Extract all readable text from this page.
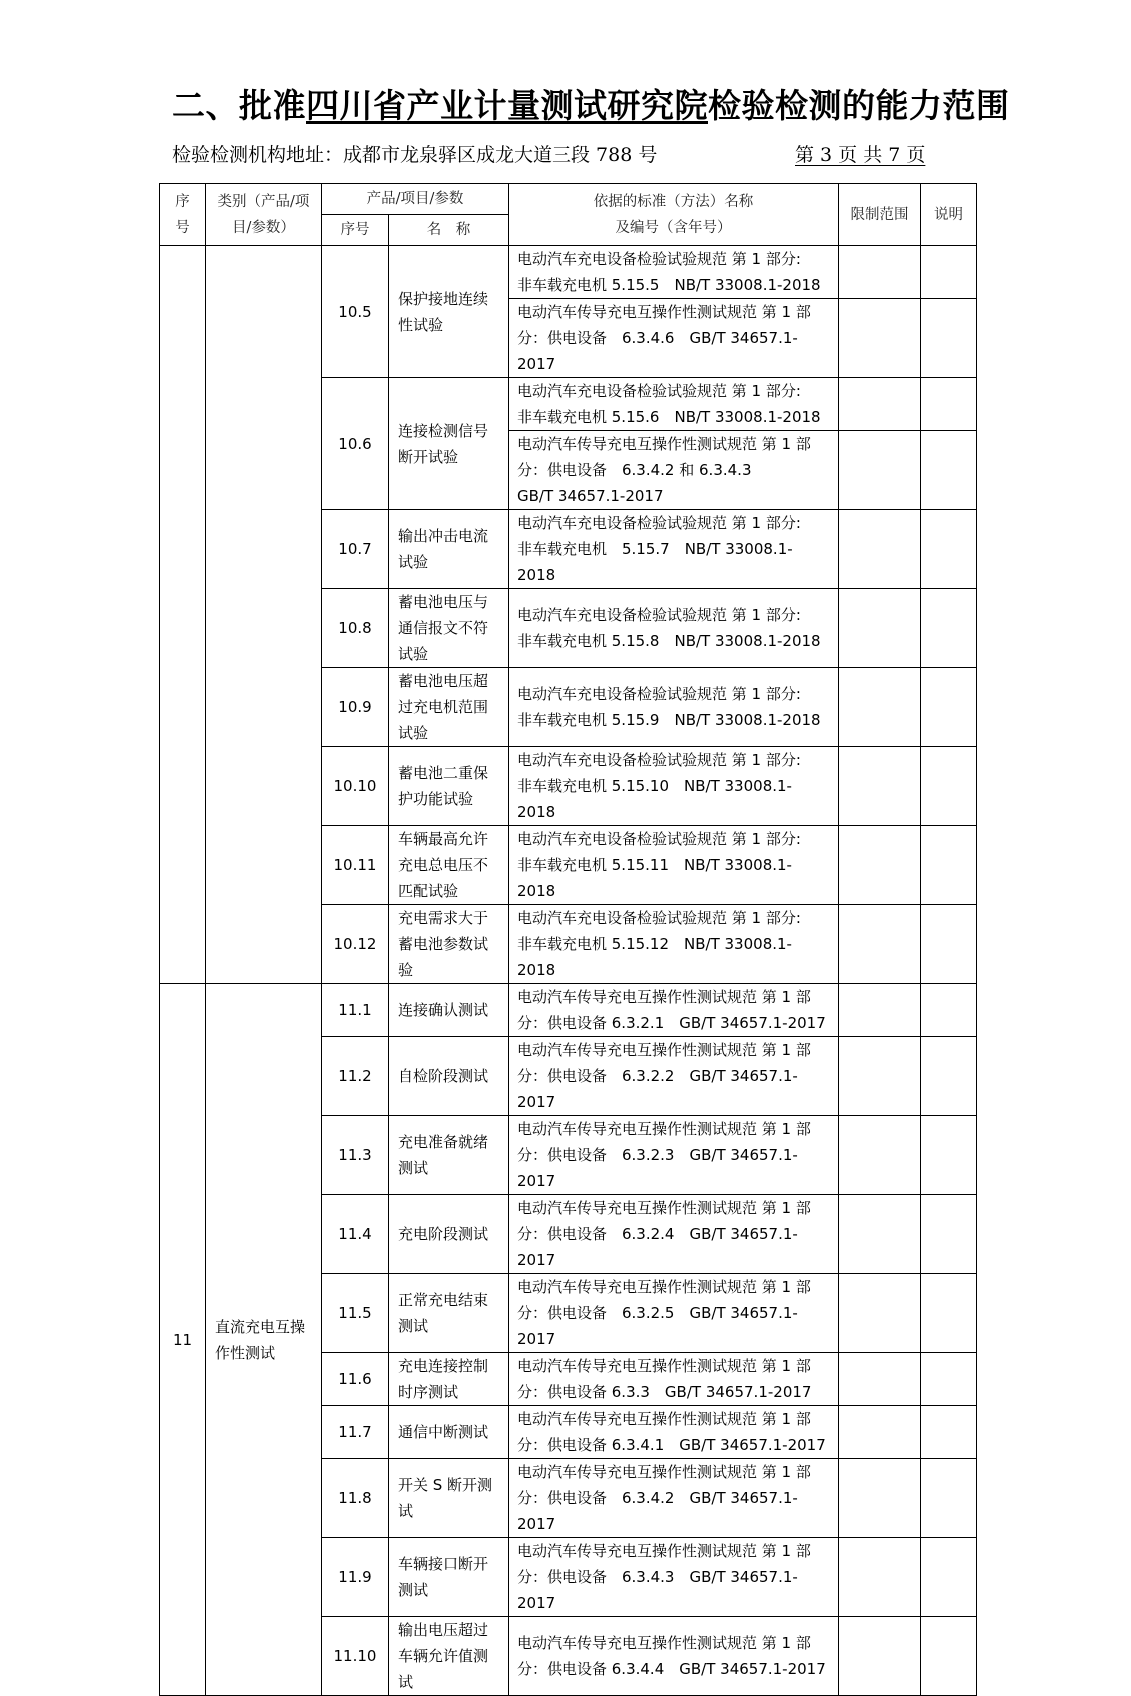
二、批准四川省产业计量测试研究院检验检测的能力范围
检验检测机构地址：成都市龙泉驿区成龙大道三段 788 号	第 3 页 共 7 页
序
号	类别（产品/项
目/参数）	产品/项目/参数		依据的标准（方法）名称
及编号（含年号）	限制范围	说明
		序号	名　称			
		10.5	保护接地连续
性试验	电动汽车充电设备检验试验规范 第 1 部分:
非车载充电机 5.15.5　NB/T 33008.1-2018		
				电动汽车传导充电互操作性测试规范 第 1 部
分：供电设备　6.3.4.6　GB/T 34657.1-2017		
		10.6	连接检测信号
断开试验	电动汽车充电设备检验试验规范 第 1 部分:
非车载充电机 5.15.6　NB/T 33008.1-2018		
				电动汽车传导充电互操作性测试规范 第 1 部
分：供电设备　6.3.4.2 和 6.3.4.3
GB/T 34657.1-2017		
		10.7	输出冲击电流
试验	电动汽车充电设备检验试验规范 第 1 部分:
非车载充电机　5.15.7　NB/T 33008.1-2018		
		10.8	蓄电池电压与
通信报文不符
试验	电动汽车充电设备检验试验规范 第 1 部分:
非车载充电机 5.15.8　NB/T 33008.1-2018		
		10.9	蓄电池电压超
过充电机范围
试验	电动汽车充电设备检验试验规范 第 1 部分:
非车载充电机 5.15.9　NB/T 33008.1-2018		
		10.10	蓄电池二重保
护功能试验	电动汽车充电设备检验试验规范 第 1 部分:
非车载充电机 5.15.10　NB/T 33008.1-2018		
		10.11	车辆最高允许
充电总电压不
匹配试验	电动汽车充电设备检验试验规范 第 1 部分:
非车载充电机 5.15.11　NB/T 33008.1-2018		
		10.12	充电需求大于
蓄电池参数试
验	电动汽车充电设备检验试验规范 第 1 部分:
非车载充电机 5.15.12　NB/T 33008.1-2018		
11	直流充电互操
作性测试	11.1	连接确认测试	电动汽车传导充电互操作性测试规范 第 1 部
分：供电设备 6.3.2.1　GB/T 34657.1-2017		
		11.2	自检阶段测试	电动汽车传导充电互操作性测试规范 第 1 部
分：供电设备　6.3.2.2　GB/T 34657.1-2017		
		11.3	充电准备就绪
测试	电动汽车传导充电互操作性测试规范 第 1 部
分：供电设备　6.3.2.3　GB/T 34657.1-2017		
		11.4	充电阶段测试	电动汽车传导充电互操作性测试规范 第 1 部
分：供电设备　6.3.2.4　GB/T 34657.1-2017		
		11.5	正常充电结束
测试	电动汽车传导充电互操作性测试规范 第 1 部
分：供电设备　6.3.2.5　GB/T 34657.1-2017		
		11.6	充电连接控制
时序测试	电动汽车传导充电互操作性测试规范 第 1 部
分：供电设备 6.3.3　GB/T 34657.1-2017		
		11.7	通信中断测试	电动汽车传导充电互操作性测试规范 第 1 部
分：供电设备 6.3.4.1　GB/T 34657.1-2017		
		11.8	开关 S 断开测
试	电动汽车传导充电互操作性测试规范 第 1 部
分：供电设备　6.3.4.2　GB/T 34657.1-2017		
		11.9	车辆接口断开
测试	电动汽车传导充电互操作性测试规范 第 1 部
分：供电设备　6.3.4.3　GB/T 34657.1-2017		
		11.10	输出电压超过
车辆允许值测
试	电动汽车传导充电互操作性测试规范 第 1 部
分：供电设备 6.3.4.4　GB/T 34657.1-2017		
